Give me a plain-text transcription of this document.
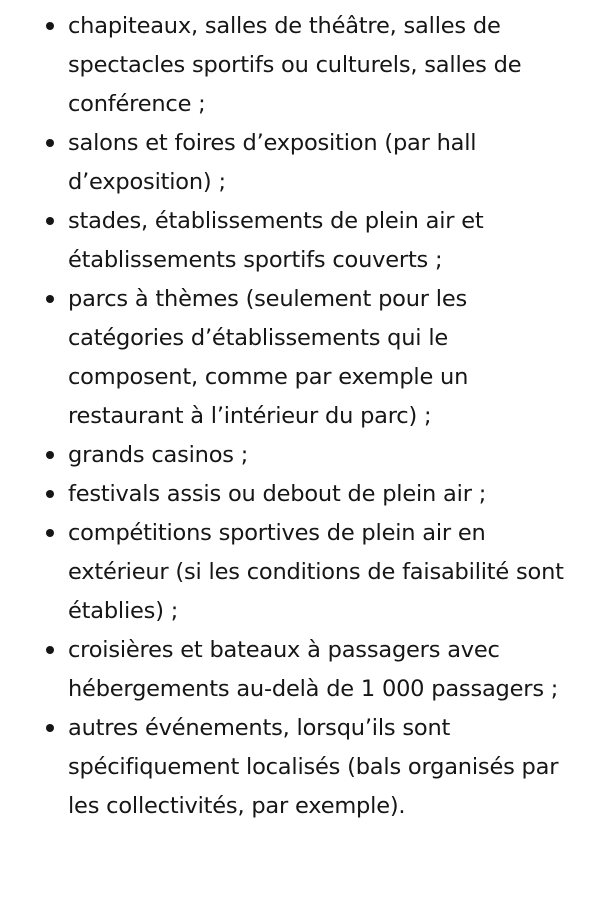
chapiteaux, salles de théâtre, salles de spectacles sportifs ou culturels, salles de conférence ;
salons et foires d’exposition (par hall d’exposition) ;
stades, établissements de plein air et établissements sportifs couverts ;
parcs à thèmes (seulement pour les catégories d’établissements qui le composent, comme par exemple un restaurant à l’intérieur du parc) ;
grands casinos ;
festivals assis ou debout de plein air ;
compétitions sportives de plein air en extérieur (si les conditions de faisabilité sont établies) ;
croisières et bateaux à passagers avec hébergements au-delà de 1 000 passagers ;
autres événements, lorsqu’ils sont spécifiquement localisés (bals organisés par les collectivités, par exemple).
